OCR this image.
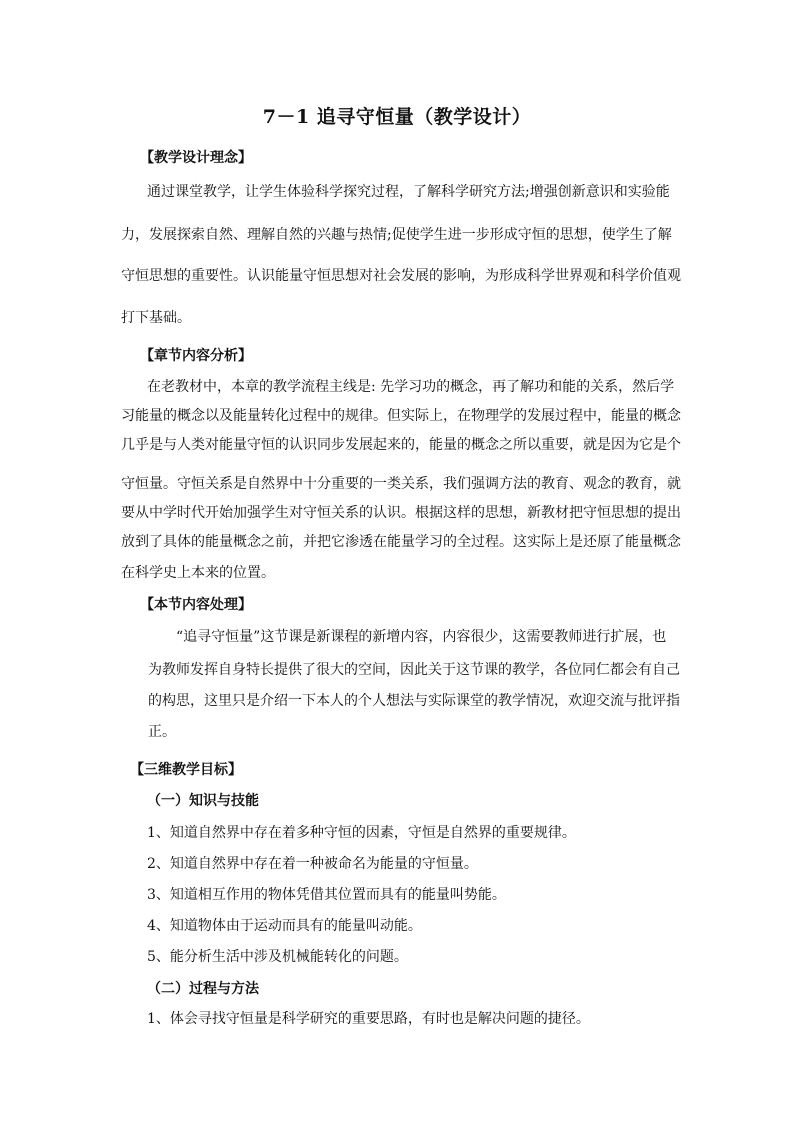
7－1 追寻守恒量（教学设计）
【教学设计理念】
通过课堂教学，让学生体验科学探究过程，了解科学研究方法;增强创新意识和实验能
力，发展探索自然、理解自然的兴趣与热情;促使学生进一步形成守恒的思想，使学生了解
守恒思想的重要性。认识能量守恒思想对社会发展的影响，为形成科学世界观和科学价值观
打下基础。
【章节内容分析】
在老教材中，本章的教学流程主线是: 先学习功的概念，再了解功和能的关系，然后学
习能量的概念以及能量转化过程中的规律。但实际上，在物理学的发展过程中，能量的概念
几乎是与人类对能量守恒的认识同步发展起来的，能量的概念之所以重要，就是因为它是个
守恒量。守恒关系是自然界中十分重要的一类关系，我们强调方法的教育、观念的教育，就
要从中学时代开始加强学生对守恒关系的认识。根据这样的思想，新教材把守恒思想的提出
放到了具体的能量概念之前，并把它渗透在能量学习的全过程。这实际上是还原了能量概念
在科学史上本来的位置。
【本节内容处理】
“追寻守恒量”这节课是新课程的新增内容，内容很少，这需要教师进行扩展，也
为教师发挥自身特长提供了很大的空间，因此关于这节课的教学，各位同仁都会有自己
的构思，这里只是介绍一下本人的个人想法与实际课堂的教学情况，欢迎交流与批评指
正。
【三维教学目标】
（一）知识与技能
1、知道自然界中存在着多种守恒的因素，守恒是自然界的重要规律。
2、知道自然界中存在着一种被命名为能量的守恒量。
3、知道相互作用的物体凭借其位置而具有的能量叫势能。
4、知道物体由于运动而具有的能量叫动能。
5、能分析生活中涉及机械能转化的问题。
（二）过程与方法
1、体会寻找守恒量是科学研究的重要思路，有时也是解决问题的捷径。
